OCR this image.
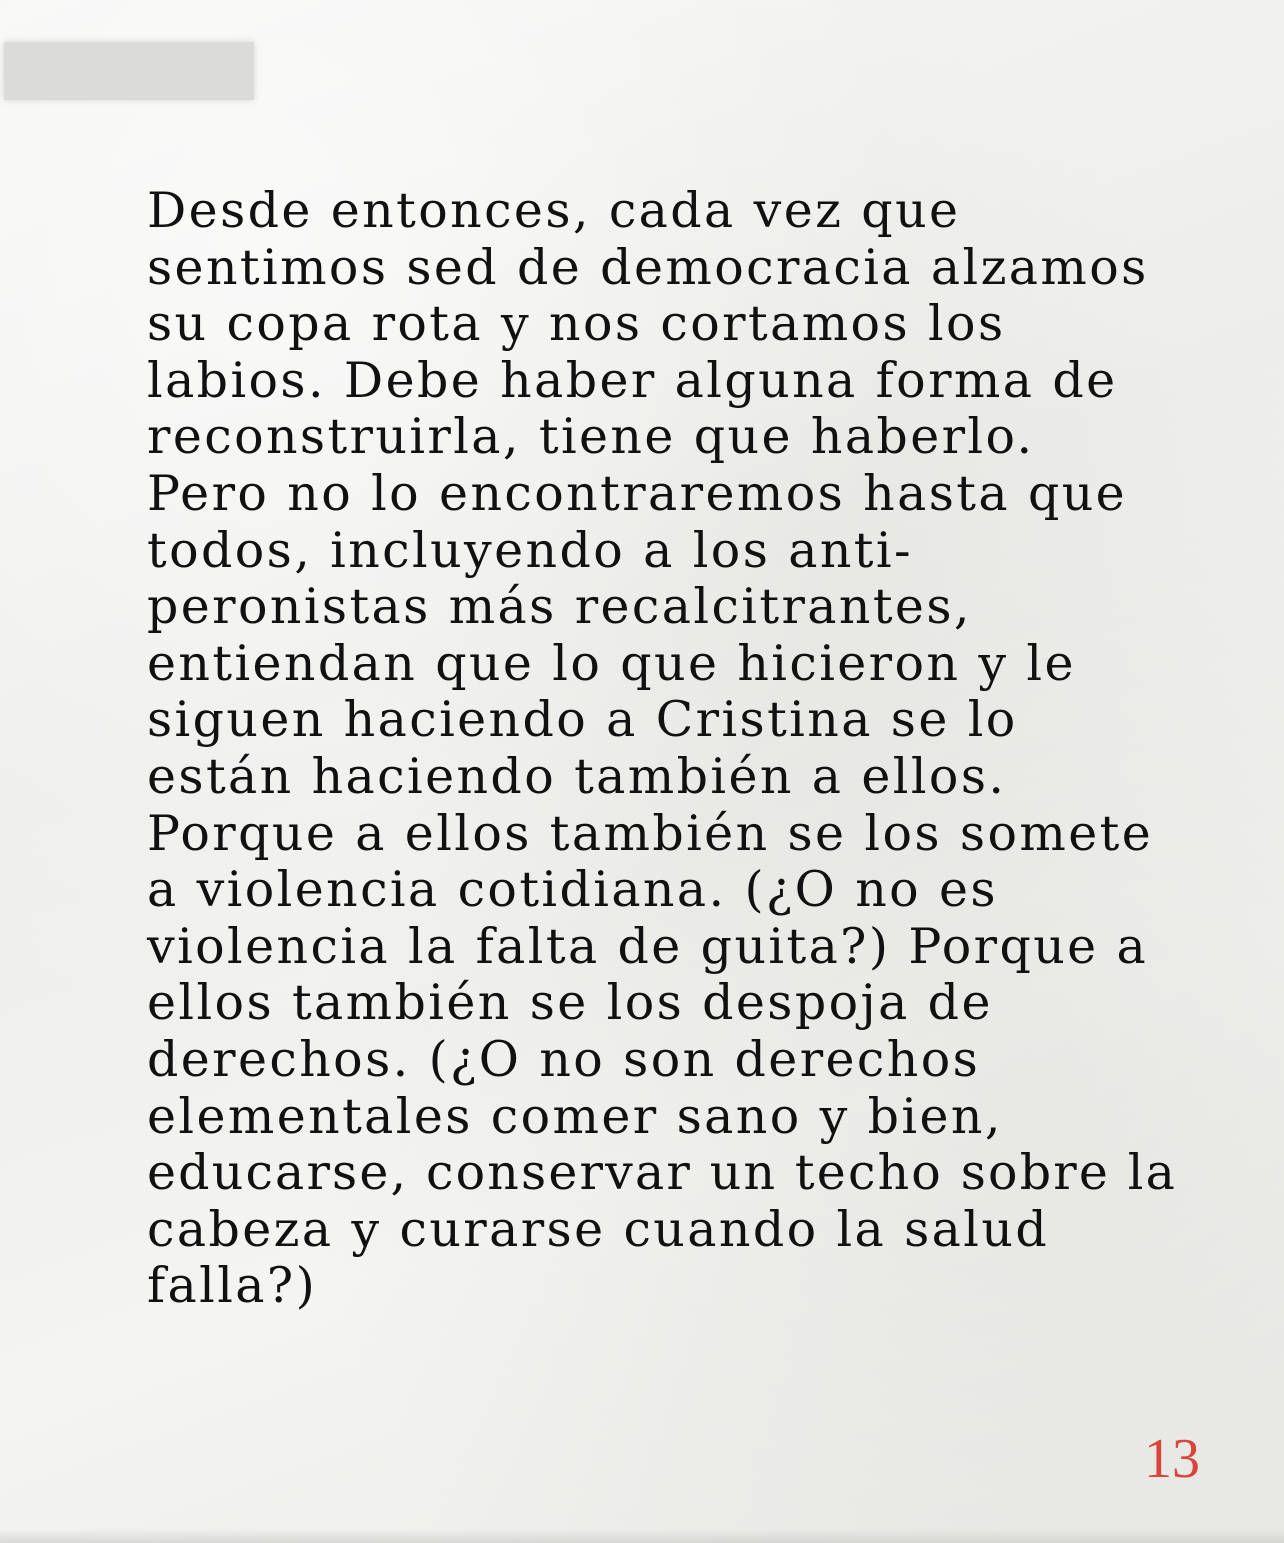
Desde entonces, cada vez que
sentimos sed de democracia alzamos
su copa rota y nos cortamos los
labios. Debe haber alguna forma de
reconstruirla, tiene que haberlo.
Pero no lo encontraremos hasta que
todos, incluyendo a los anti-
peronistas más recalcitrantes,
entiendan que lo que hicieron y le
siguen haciendo a Cristina se lo
están haciendo también a ellos.
Porque a ellos también se los somete
a violencia cotidiana. (¿O no es
violencia la falta de guita?) Porque a
ellos también se los despoja de
derechos. (¿O no son derechos
elementales comer sano y bien,
educarse, conservar un techo sobre la
cabeza y curarse cuando la salud
falla?)

13
